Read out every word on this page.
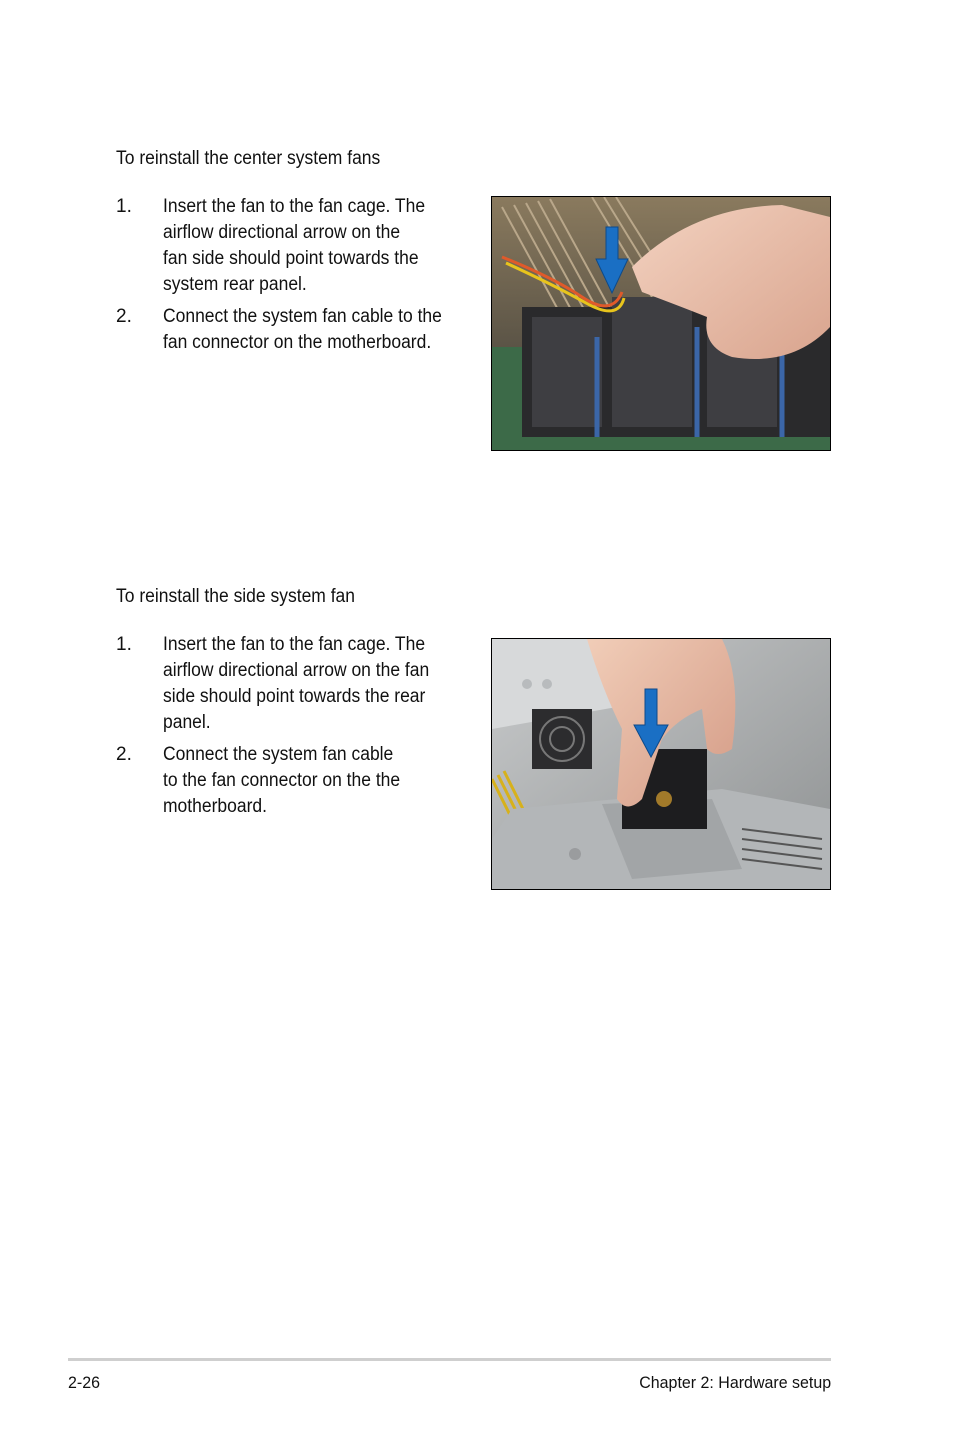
To reinstall the center system fans
1. Insert the fan to the fan cage. The
airflow directional arrow on the
fan side should point towards the
system rear panel.
2. Connect the system fan cable to the
fan connector on the motherboard.
To reinstall the side system fan
1. Insert the fan to the fan cage. The
airflow directional arrow on the fan
side should point towards the rear
panel.
2. Connect the system fan cable
to the fan connector on the the
motherboard.
2-26	Chapter 2: Hardware setup
